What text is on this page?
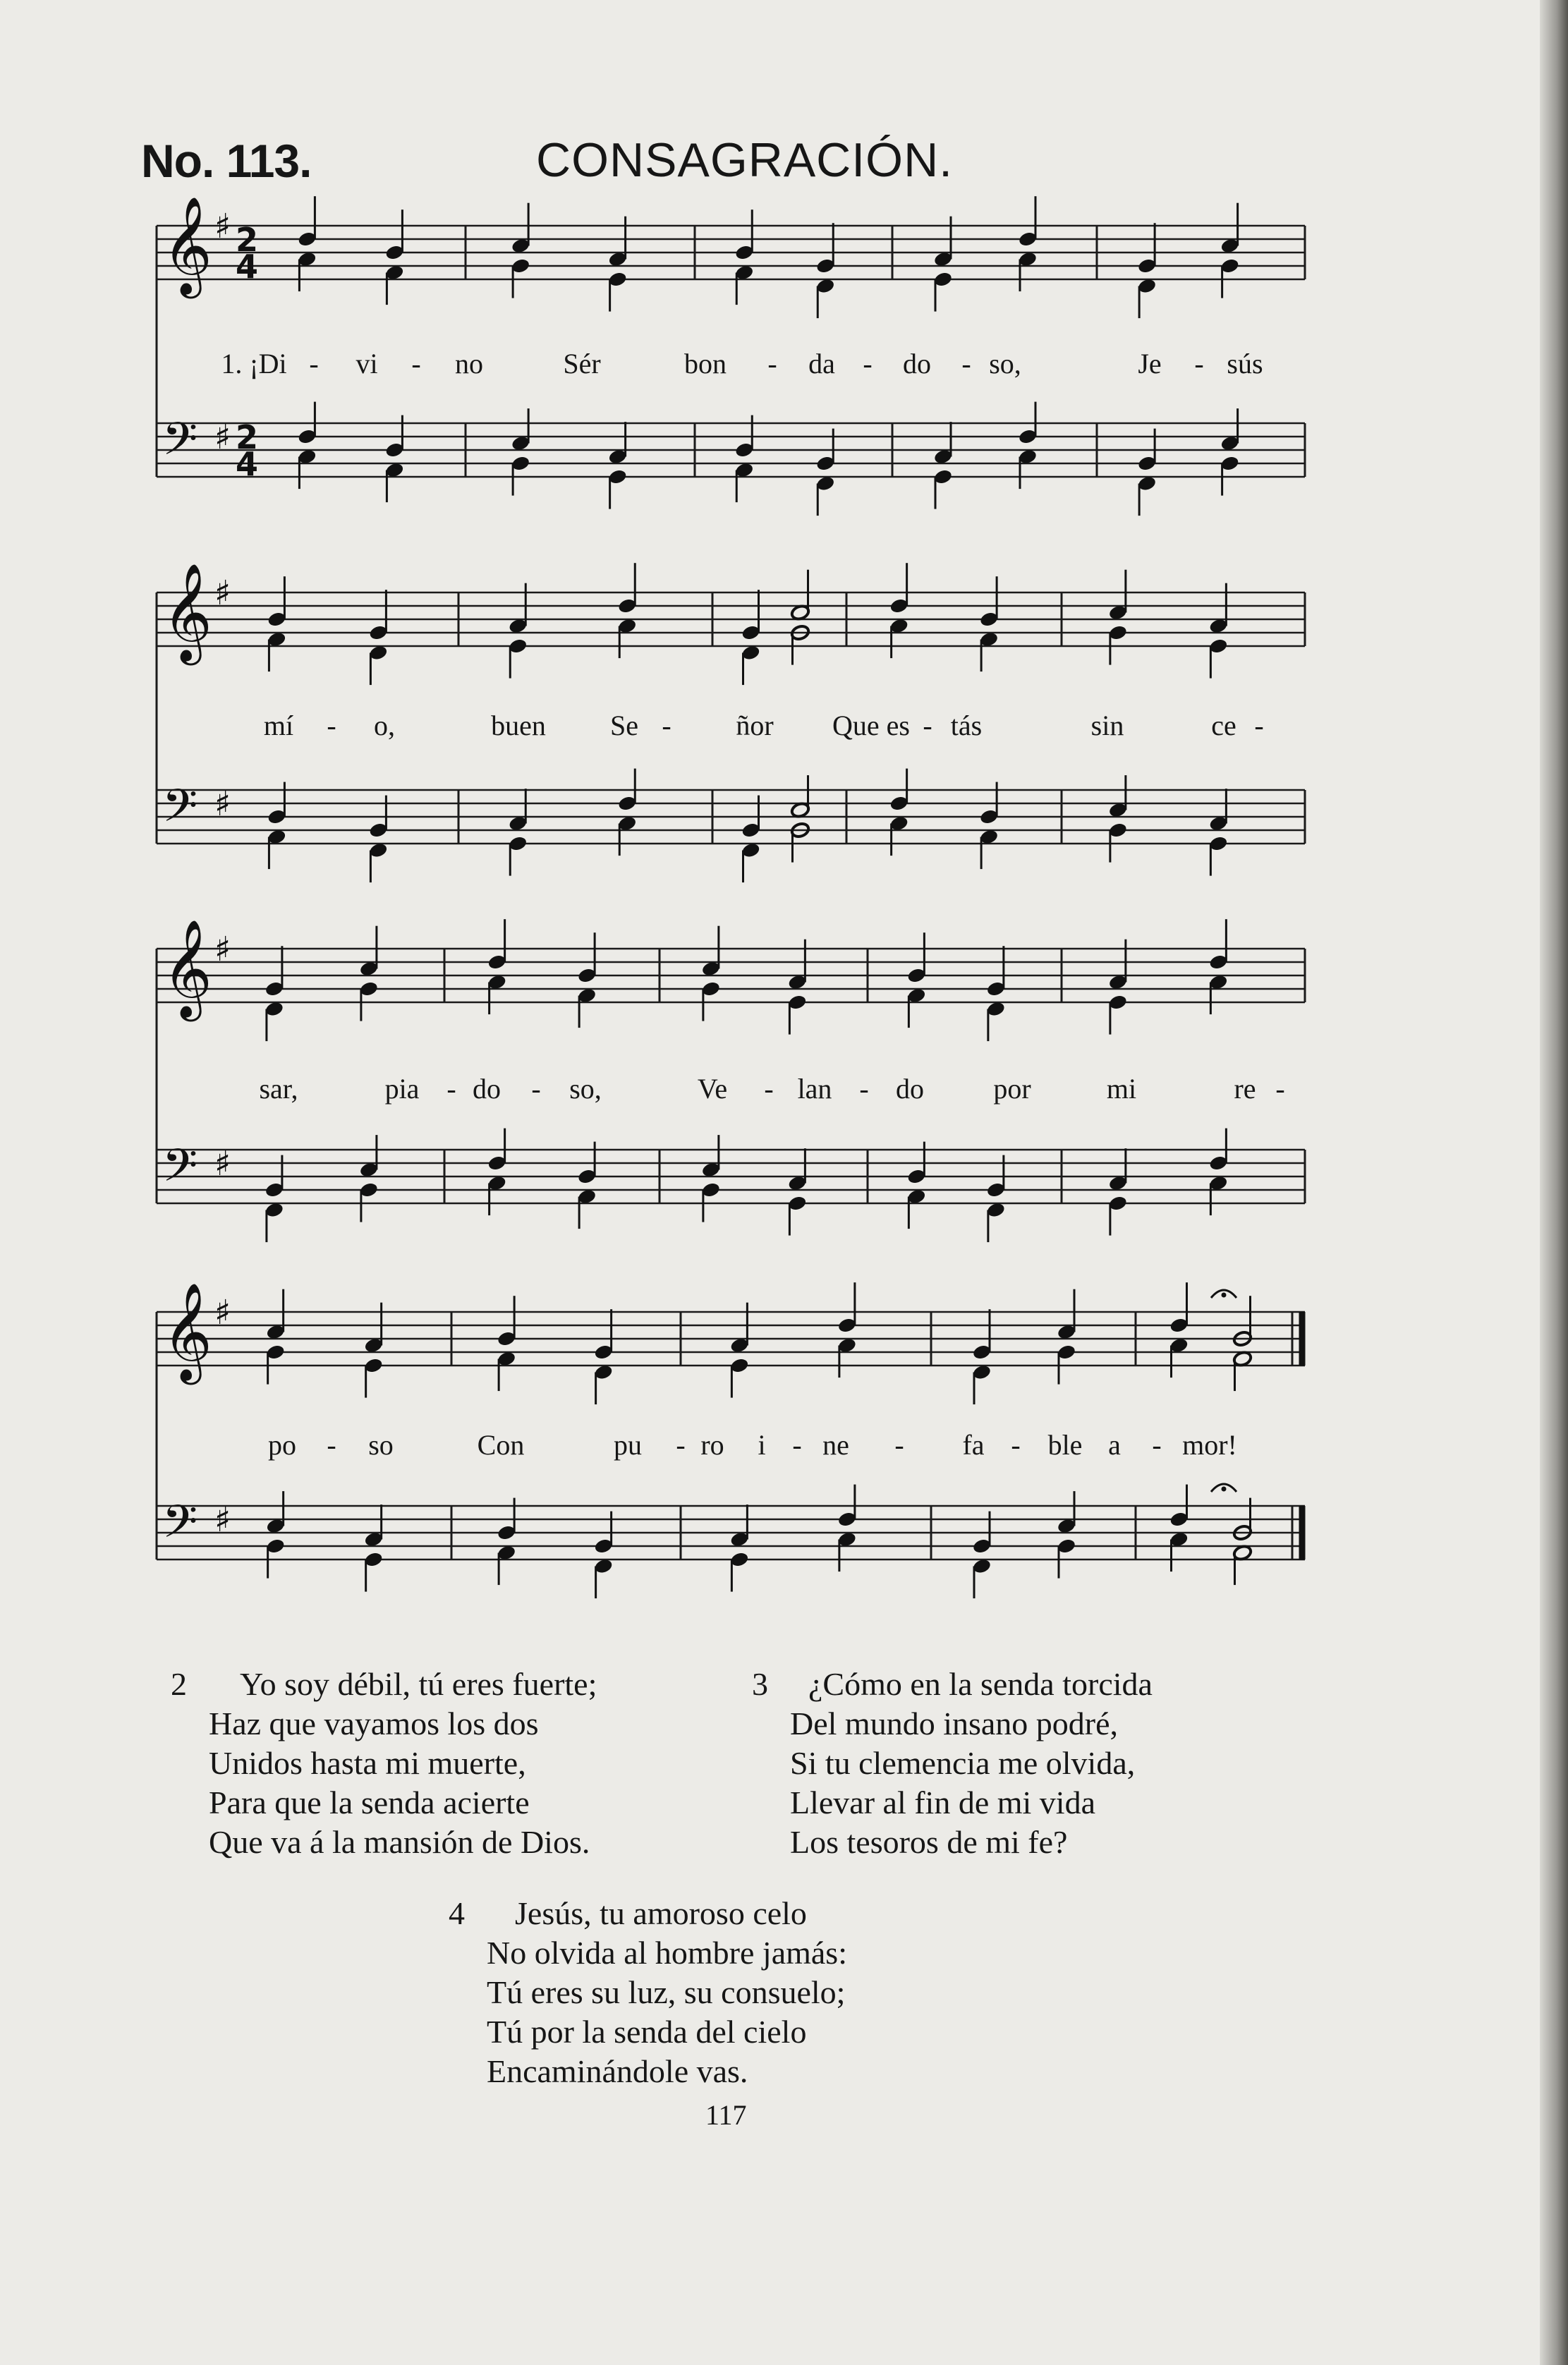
No. 113.	CONSAGRACIÓN.
𝄞 ♯ 2
4
𝄢 ♯ 2
4
𝄞 ♯
𝄢 ♯
𝄞 ♯
𝄢 ♯
𝄞 ♯
𝄢 ♯
1. ¡Di - vi - no	Sér	bon - da - do - so,	Je - sús
mí - o,	buen Se - ñor Que es - tás	sin	ce -
sar,	pia - do - so,	Ve - lan - do por	mi	re -
po - so	Con	pu - ro i - ne - fa - ble a - mor!
2 Yo soy débil, tú eres fuerte;
Haz que vayamos los dos
Unidos hasta mi muerte,
Para que la senda acierte
Que va á la mansión de Dios.
3 ¿Cómo en la senda torcida
Del mundo insano podré,
Si tu clemencia me olvida,
Llevar al fin de mi vida
Los tesoros de mi fe?
4 Jesús, tu amoroso celo
No olvida al hombre jamás:
Tú eres su luz, su consuelo;
Tú por la senda del cielo
Encaminándole vas.
117
